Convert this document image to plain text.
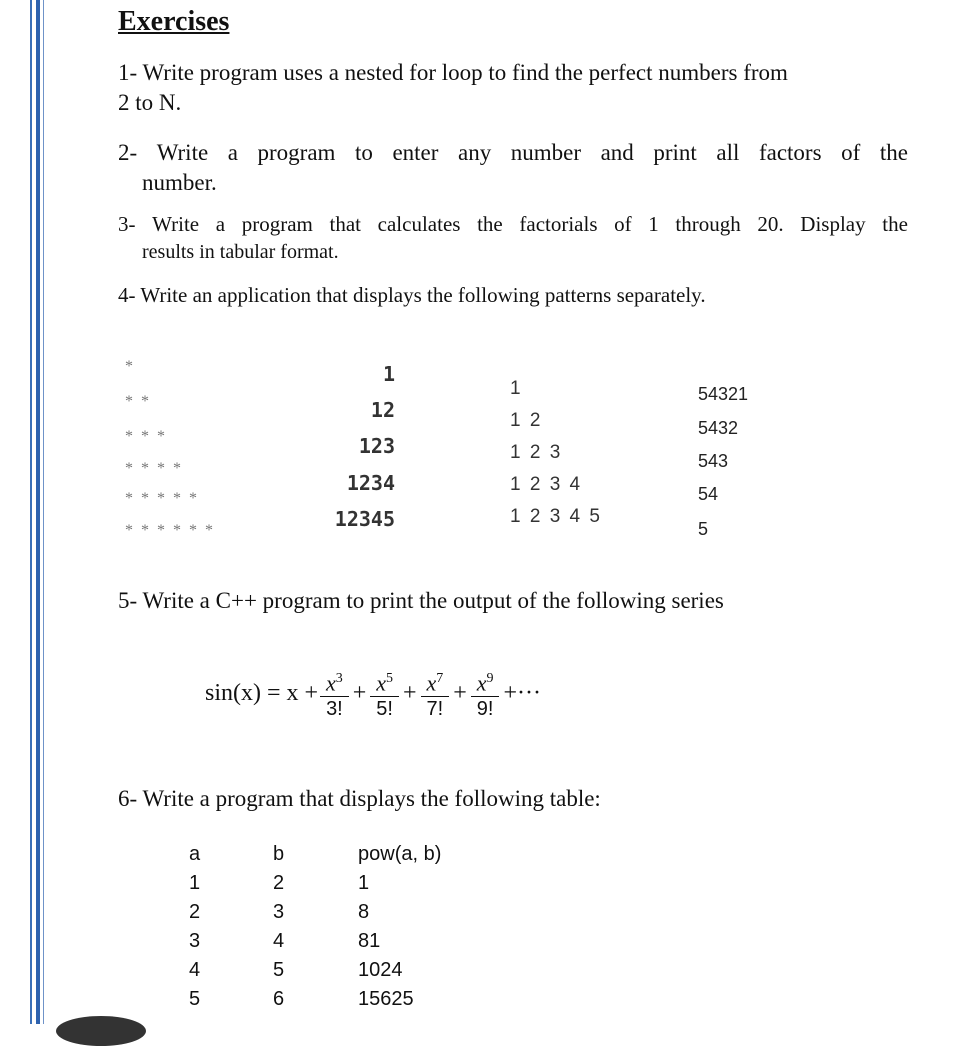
Exercises
1- Write program uses a nested for loop to find the perfect numbers from
2 to N.
2- Write a program to enter any number and print all factors of the
number.
3- Write a program that calculates the factorials of 1 through 20. Display the
results in tabular format.
4- Write an application that displays the following patterns separately.
*
* *
* * *
* * * *
* * * * *
* * * * * *
1
12
123
1234
12345
1
1 2
1 2 3
1 2 3 4
1 2 3 4 5
54321
5432
543
54
5
5- Write a C++ program to print the output of the following series
$\sin(x) = x + \frac{x^3}{3!} + \frac{x^5}{5!} + \frac{x^7}{7!} + \frac{x^9}{9!}$ +···
6- Write a program that displays the following table:
a
1
2
3
4
5
b
2
3
4
5
6
pow(a, b)
1
8
81
1024
15625
